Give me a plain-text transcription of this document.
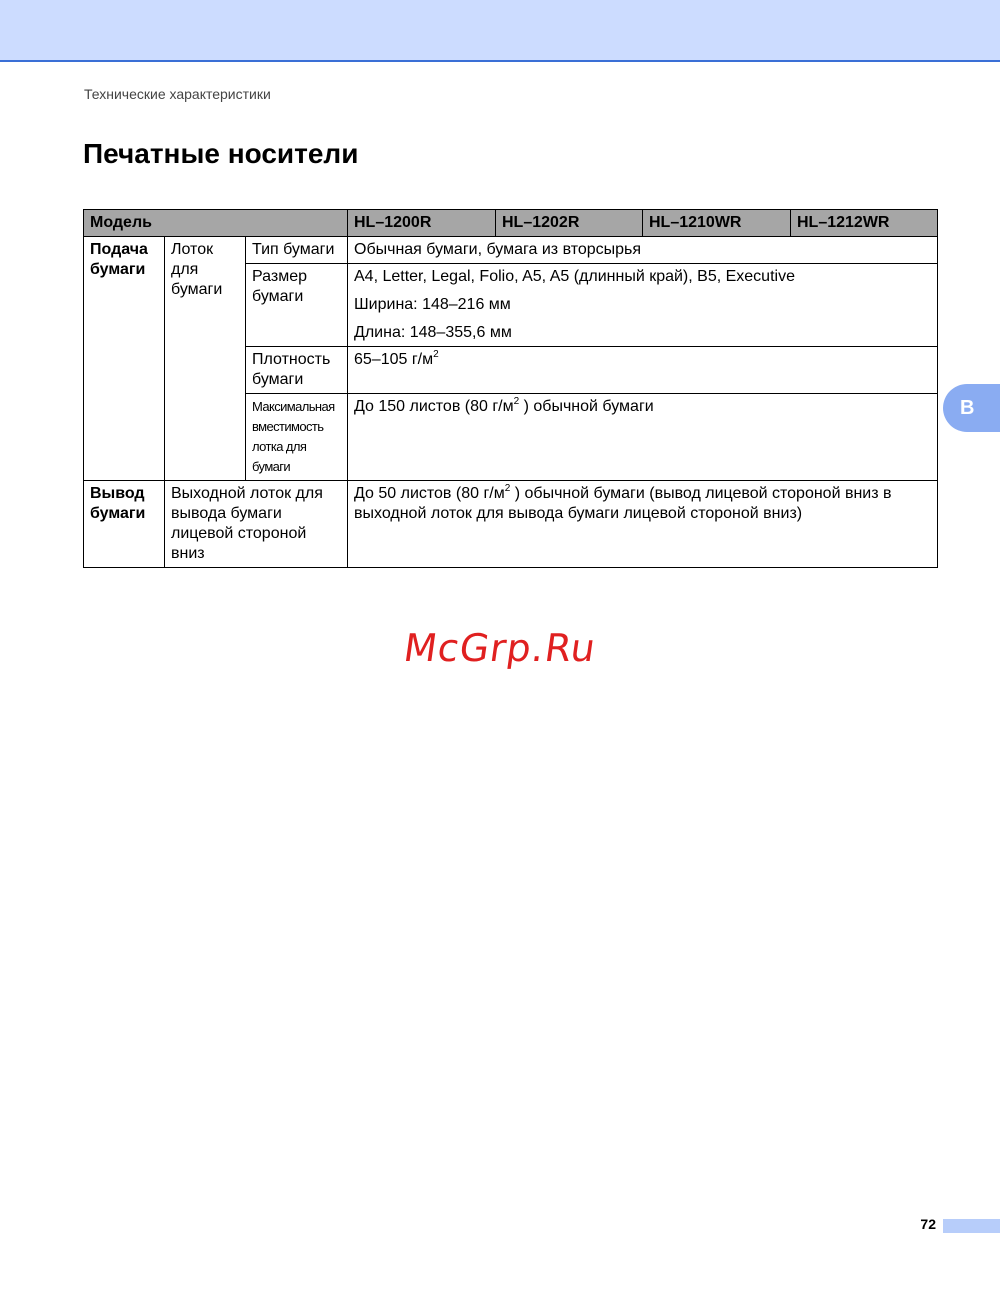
Технические характеристики
Печатные носители
Модель			HL–1200R	HL–1202R	HL–1210WR	HL–1212WR
Подача бумаги	Лоток для бумаги	Тип бумаги	Обычная бумаги, бумага из вторсырья			
		Размер бумаги	A4, Letter, Legal, Folio, A5, A5 (длинный край), B5, Executive
Ширина: 148–216 мм
Длина: 148–355,6 мм			

		Плотность бумаги	65–105 $г/м^2$
		Максимальная вместимость лотка для бумаги	До 150 листов (80 $г/м^2$ ) обычной бумаги			
Вывод бумаги	Выходной лоток для вывода бумаги лицевой стороной вниз		До 50 листов (80 $г/м^2$ ) обычной бумаги (вывод лицевой стороной вниз в выходной лоток для вывода бумаги лицевой стороной вниз)			
B
McGrp.Ru
72
